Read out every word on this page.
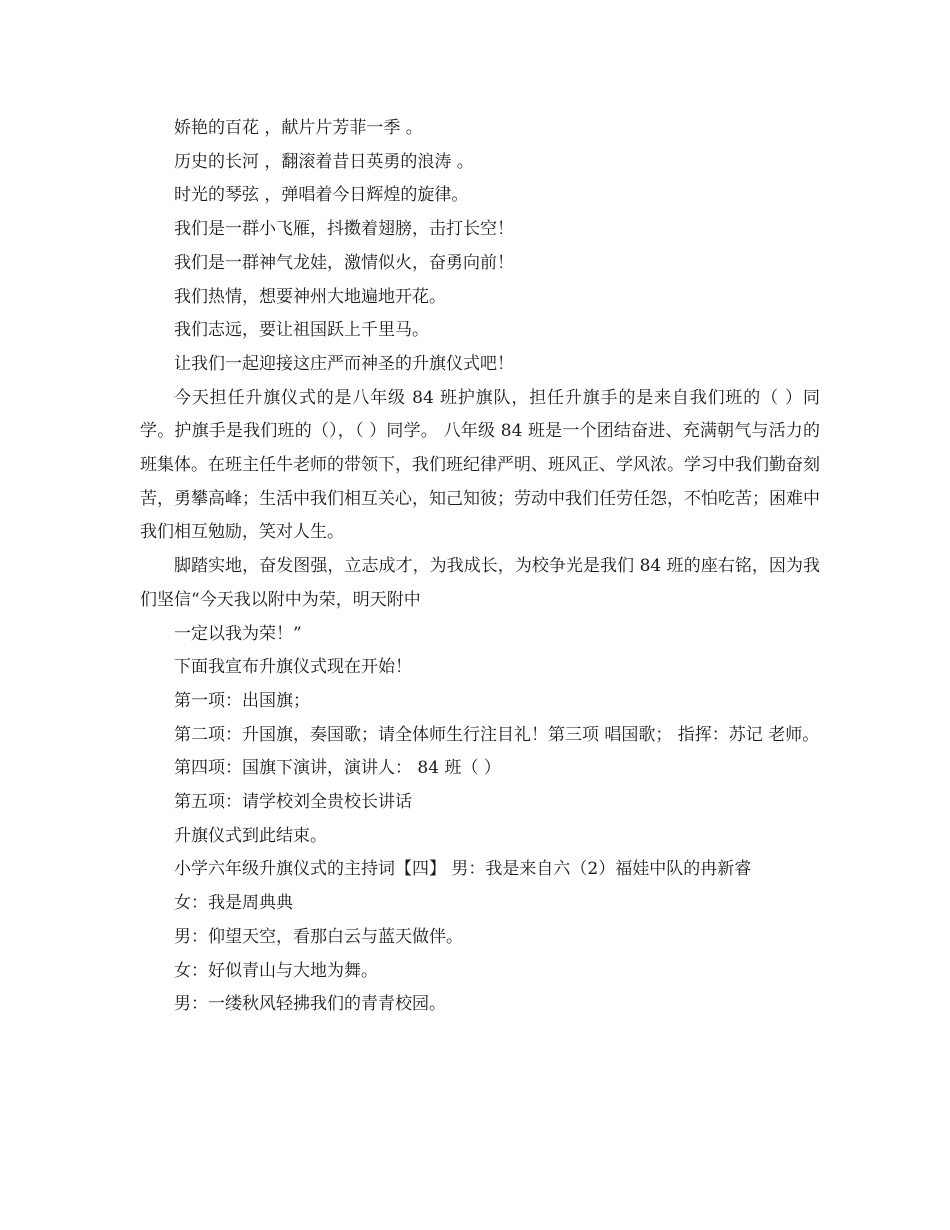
娇艳的百花 ，献片片芳菲一季 。

历史的长河 ，翻滚着昔日英勇的浪涛 。

时光的琴弦 ，弹唱着今日辉煌的旋律。

我们是一群小飞雁，抖擞着翅膀，击打长空！

我们是一群神气龙娃，激情似火，奋勇向前！

我们热情，想要神州大地遍地开花。

我们志远，要让祖国跃上千里马。

让我们一起迎接这庄严而神圣的升旗仪式吧！

今天担任升旗仪式的是八年级 84 班护旗队，担任升旗手的是来自我们班的（ ）同学。护旗手是我们班的（），（ ）同学。 八年级 84 班是一个团结奋进、充满朝气与活力的班集体。在班主任牛老师的带领下，我们班纪律严明、班风正、学风浓。学习中我们勤奋刻苦，勇攀高峰；生活中我们相互关心，知己知彼；劳动中我们任劳任怨，不怕吃苦；困难中我们相互勉励，笑对人生。

脚踏实地，奋发图强，立志成才，为我成长，为校争光是我们 84 班的座右铭，因为我们坚信“今天我以附中为荣，明天附中

一定以我为荣！”

下面我宣布升旗仪式现在开始！

第一项：出国旗；

第二项：升国旗，奏国歌；请全体师生行注目礼！第三项 唱国歌； 指挥：苏记 老师。

第四项：国旗下演讲，演讲人： 84 班（ ）

第五项：请学校刘全贵校长讲话

升旗仪式到此结束。

小学六年级升旗仪式的主持词【四】 男：我是来自六（2）福娃中队的冉新睿

女：我是周典典

男：仰望天空，看那白云与蓝天做伴。

女：好似青山与大地为舞。

男：一缕秋风轻拂我们的青青校园。
